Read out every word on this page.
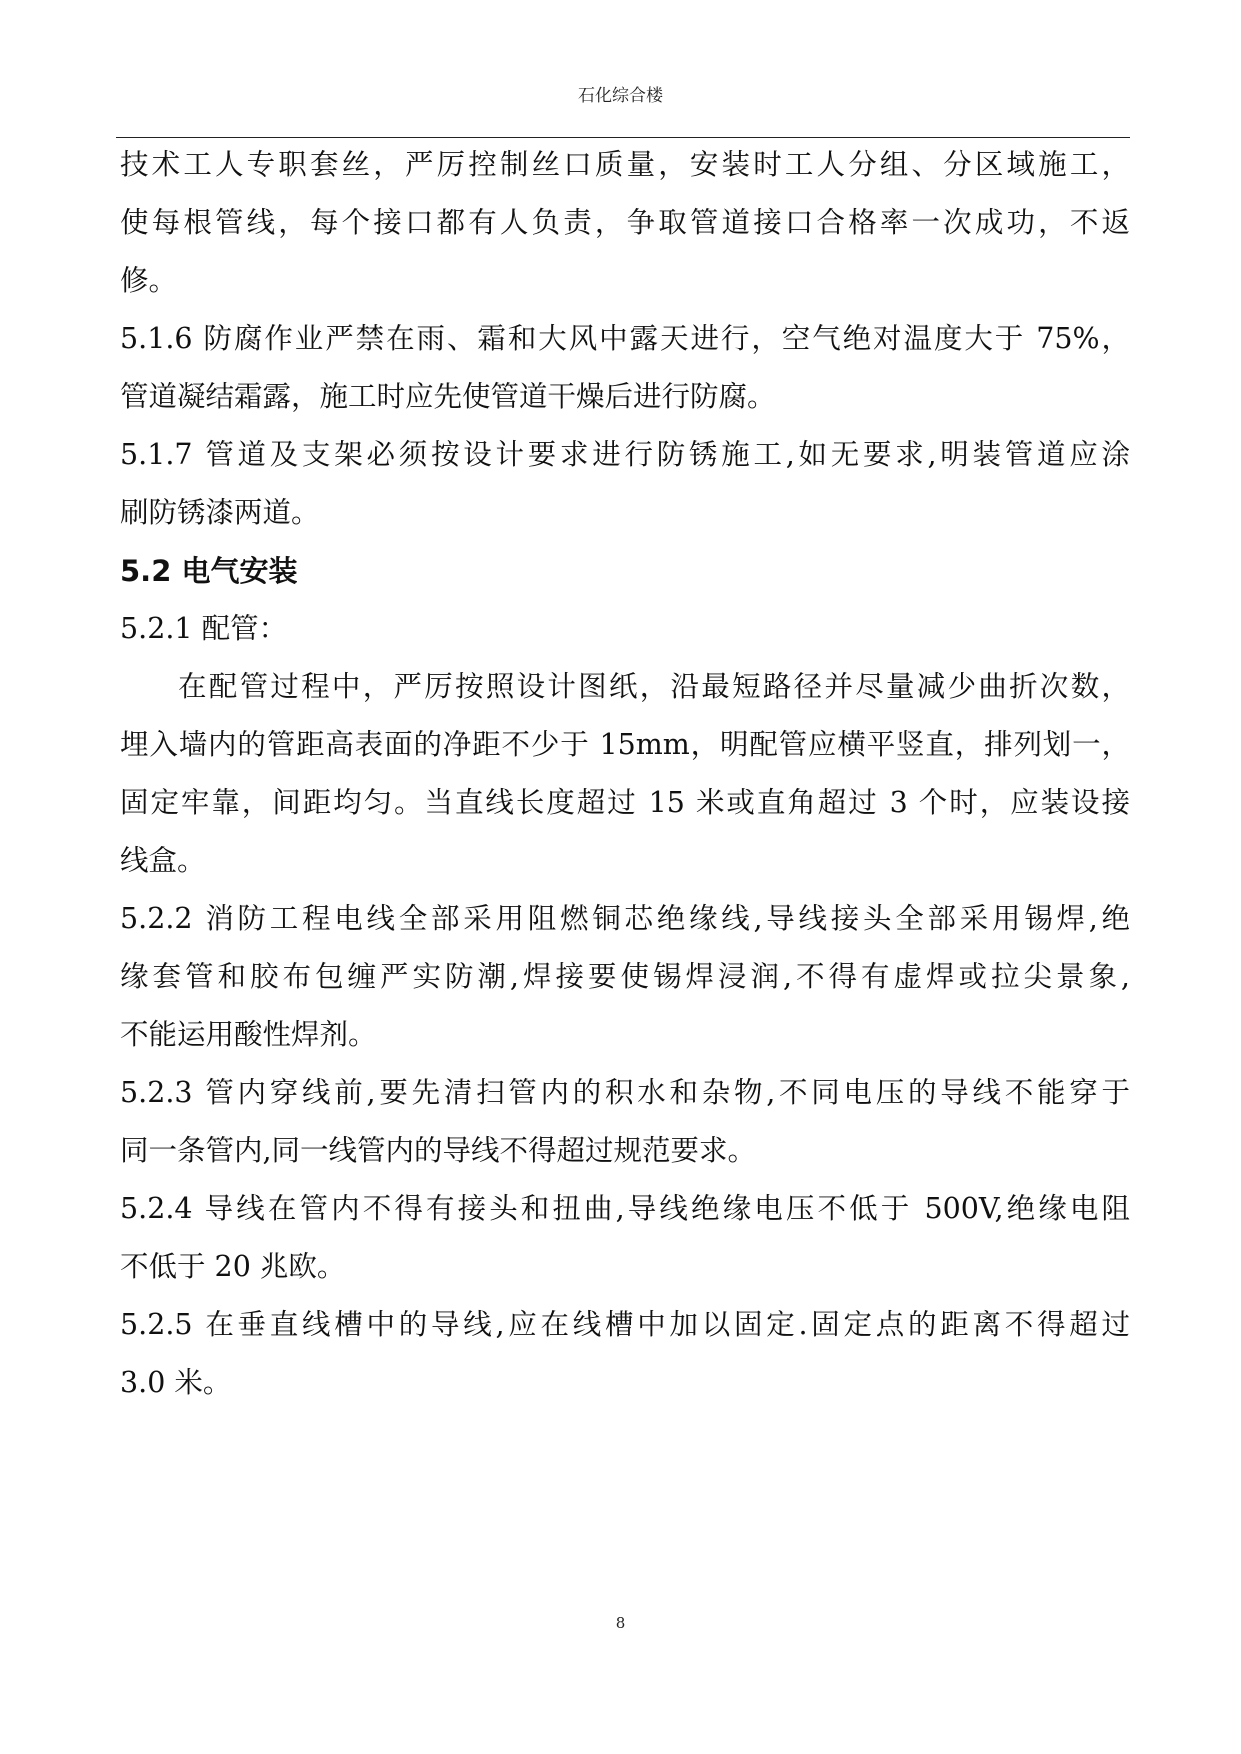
石化综合楼
技术工人专职套丝，严厉控制丝口质量，安装时工人分组、分区域施工，
使每根管线，每个接口都有人负责，争取管道接口合格率一次成功，不返
修。
5.1.6 防腐作业严禁在雨、霜和大风中露天进行，空气绝对温度大于 75%，
管道凝结霜露，施工时应先使管道干燥后进行防腐。
5.1.7 管道及支架必须按设计要求进行防锈施工,如无要求,明装管道应涂
刷防锈漆两道。
5.2 电气安装
5.2.1 配管：
在配管过程中，严厉按照设计图纸，沿最短路径并尽量减少曲折次数，
埋入墙内的管距高表面的净距不少于 15mm，明配管应横平竖直，排列划一，
固定牢靠，间距均匀。当直线长度超过 15 米或直角超过 3 个时，应装设接
线盒。
5.2.2 消防工程电线全部采用阻燃铜芯绝缘线,导线接头全部采用锡焊,绝
缘套管和胶布包缠严实防潮,焊接要使锡焊浸润,不得有虚焊或拉尖景象,
不能运用酸性焊剂。
5.2.3 管内穿线前,要先清扫管内的积水和杂物,不同电压的导线不能穿于
同一条管内,同一线管内的导线不得超过规范要求。
5.2.4 导线在管内不得有接头和扭曲,导线绝缘电压不低于 500V,绝缘电阻
不低于 20 兆欧。
5.2.5 在垂直线槽中的导线,应在线槽中加以固定.固定点的距离不得超过
3.0 米。
8
